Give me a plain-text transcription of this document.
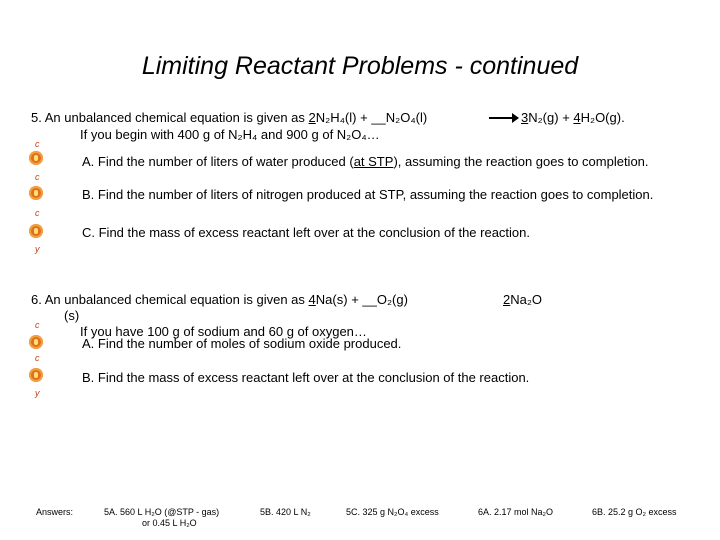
Limiting Reactant Problems - continued
5. An unbalanced chemical equation is given as 2N₂H₄(l) + __N₂O₄(l)	3N₂(g) + 4H₂O(g).
If you begin with 400 g of N₂H₄ and 900 g of N₂O₄…
c
A. Find the number of liters of water produced (at STP), assuming the reaction goes to completion.
c
B. Find the number of liters of nitrogen produced at STP, assuming the reaction goes to completion.
c
C. Find the mass of excess reactant left over at the conclusion of the reaction.
y
6. An unbalanced chemical equation is given as 4Na(s) + __O₂(g)	2Na₂O
(s)
If you have 100 g of sodium and 60 g of oxygen…
c
A. Find the number of moles of sodium oxide produced.
c
B. Find the mass of excess reactant left over at the conclusion of the reaction.
y
Answers:	5A. 560 L H₂O (@STP - gas)
or 0.45 L H₂O
5B. 420 L N₂	5C. 325 g N₂O₄ excess	6A. 2.17 mol Na₂O	6B. 25.2 g O₂ excess
